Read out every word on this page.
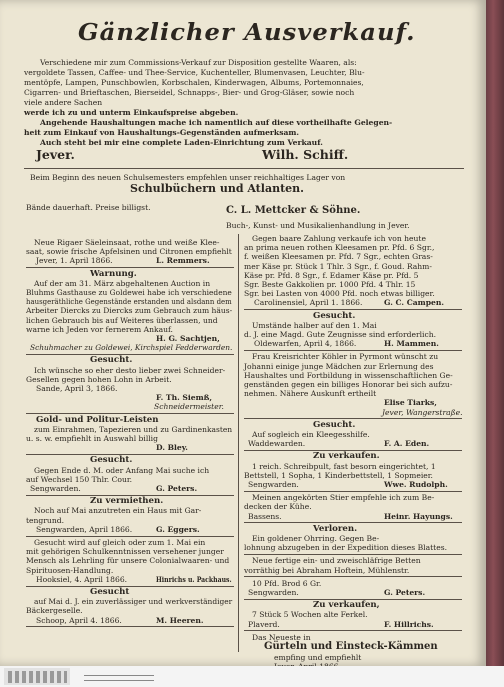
Gänzlicher Ausverkauf.
Verschiedene mir zum Commissions-Verkauf zur Disposition gestellte Waaren, als:
vergoldete Tassen, Caffee- und Thee-Service, Kuchenteller, Blumenvasen, Leuchter, Blu-
mentöpfe, Lampen, Punschbowlen, Korbschalen, Kinderwagen, Albums, Portemonnaies,
Cigarren- und Brieftaschen, Bierseidel, Schnapps-, Bier- und Grog-Gläser, sowie noch
viele andere Sachen
werde ich zu und unterm Einkaufspreise abgeben.
Angehende Haushaltungen mache ich namentlich auf diese vortheilhafte Gelegen-
heit zum Einkauf von Haushaltungs-Gegenständen aufmerksam.
Auch steht bei mir eine complete Laden-Einrichtung zum Verkauf.
Jever.	Wilh. Schiff.
Beim Beginn des neuen Schulsemesters empfehlen unser reichhaltiges Lager von
Schulbüchern und Atlanten.
Bände dauerhaft. Preise billigst.	C. L. Mettcker & Söhne.
Buch-, Kunst- und Musikalienhandlung in Jever.
Neue Rigaer Säeleinsaat, rothe und weiße Klee-
saat, sowie frische Apfelsinen und Citronen empfiehlt
Jever, 1. April 1866.	L. Remmers.
Warnung.
Auf der am 31. März abgehaltenen Auction in
Bluhms Gasthause zu Goldewei habe ich verschiedene
hausgeräthliche Gegenstände erstanden und alsdann dem
Arbeiter Diercks zu Diercks zum Gebrauch zum häus-
lichen Gebrauch bis auf Weiteres überlassen, und
warne ich Jeden vor fernerem Ankauf.
H. G. Sachtjen,
Schuhmacher zu Goldewei, Kirchspiel Fedderwarden.
Gesucht.
Ich wünsche so eher desto lieber zwei Schneider-
Gesellen gegen hohen Lohn in Arbeit.
Sande, April 3, 1866.
F. Th. Siemß,
Schneidermeister.
Gold- und Politur-Leisten
zum Einrahmen, Tapezieren und zu Gardinenkasten
u. s. w. empfiehlt in Auswahl billig
D. Bley.
Gesucht.
Gegen Ende d. M. oder Anfang Mai suche ich
auf Wechsel 150 Thlr. Cour.
Sengwarden.	G. Peters.
Zu vermiethen.
Noch auf Mai anzutreten ein Haus mit Gar-
tengrund.
Sengwarden, April 1866.	G. Eggers.
Gesucht wird auf gleich oder zum 1. Mai ein
mit gehörigen Schulkenntnissen versehener junger
Mensch als Lehrling für unsere Colonialwaaren- und
Spirituosen-Handlung.
Hooksiel, 4. April 1866.	Hinrichs u. Packhaus.
Gesucht
auf Mai d. J. ein zuverlässiger und werkverständiger
Bäckergeselle.
Schoop, April 4. 1866.	M. Heeren.
Gegen baare Zahlung verkaufe ich von heute
an prima neuen rothen Kleesamen pr. Pfd. 6 Sgr.,
f. weißen Kleesamen pr. Pfd. 7 Sgr., echten Gras-
mer Käse pr. Stück 1 Thlr. 3 Sgr., f. Goud. Rahm-
Käse pr. Pfd. 8 Sgr., f. Edamer Käse pr. Pfd. 5
Sgr. Beste Gakkolien pr. 1000 Pfd. 4 Thlr. 15
Sgr. bei Lasten von 4000 Pfd. noch etwas billiger.
Carolinensiel, April 1. 1866.	G. C. Campen.
Gesucht.
Umstände halber auf den 1. Mai
d. J. eine Magd. Gute Zeugnisse sind erforderlich.
Oldewarfen, April 4, 1866.	H. Mammen.
Frau Kreisrichter Köhler in Pyrmont wünscht zu
Johanni einige junge Mädchen zur Erlernung des
Haushaltes und Fortbildung in wissenschaftlichen Ge-
genständen gegen ein billiges Honorar bei sich aufzu-
nehmen. Nähere Auskunft ertheilt
Elise Tiarks,
Jever, Wangerstraße.
Gesucht.
Auf sogleich ein Kleegesshilfe.
Waddewarden.	F. A. Eden.
Zu verkaufen.
1 reich. Schreibpult, fast besorn eingerichtet, 1
Bettstell, 1 Sopha, 1 Kinderbettstell, 1 Sopmeier.
Sengwarden.	Wwe. Rudolph.
Meinen angekörten Stier empfehle ich zum Be-
decken der Kühe.
Bassens.	Heinr. Hayungs.
Verloren.
Ein goldener Ohrring. Gegen Be-
lohnung abzugeben in der Expedition dieses Blattes.
Neue fertige ein- und zweischläfrige Betten
vorräthig bei Abraham Hoftein, Mühlenstr.
10 Pfd. Brod 6 Gr.
Sengwarden.	G. Peters.
Zu verkaufen,
7 Stück 5 Wochen alte Ferkel.
Plaverd.	F. Hillrichs.
Das Neueste in
Gürteln und Einsteck-Kämmen
empfing und empfiehlt
